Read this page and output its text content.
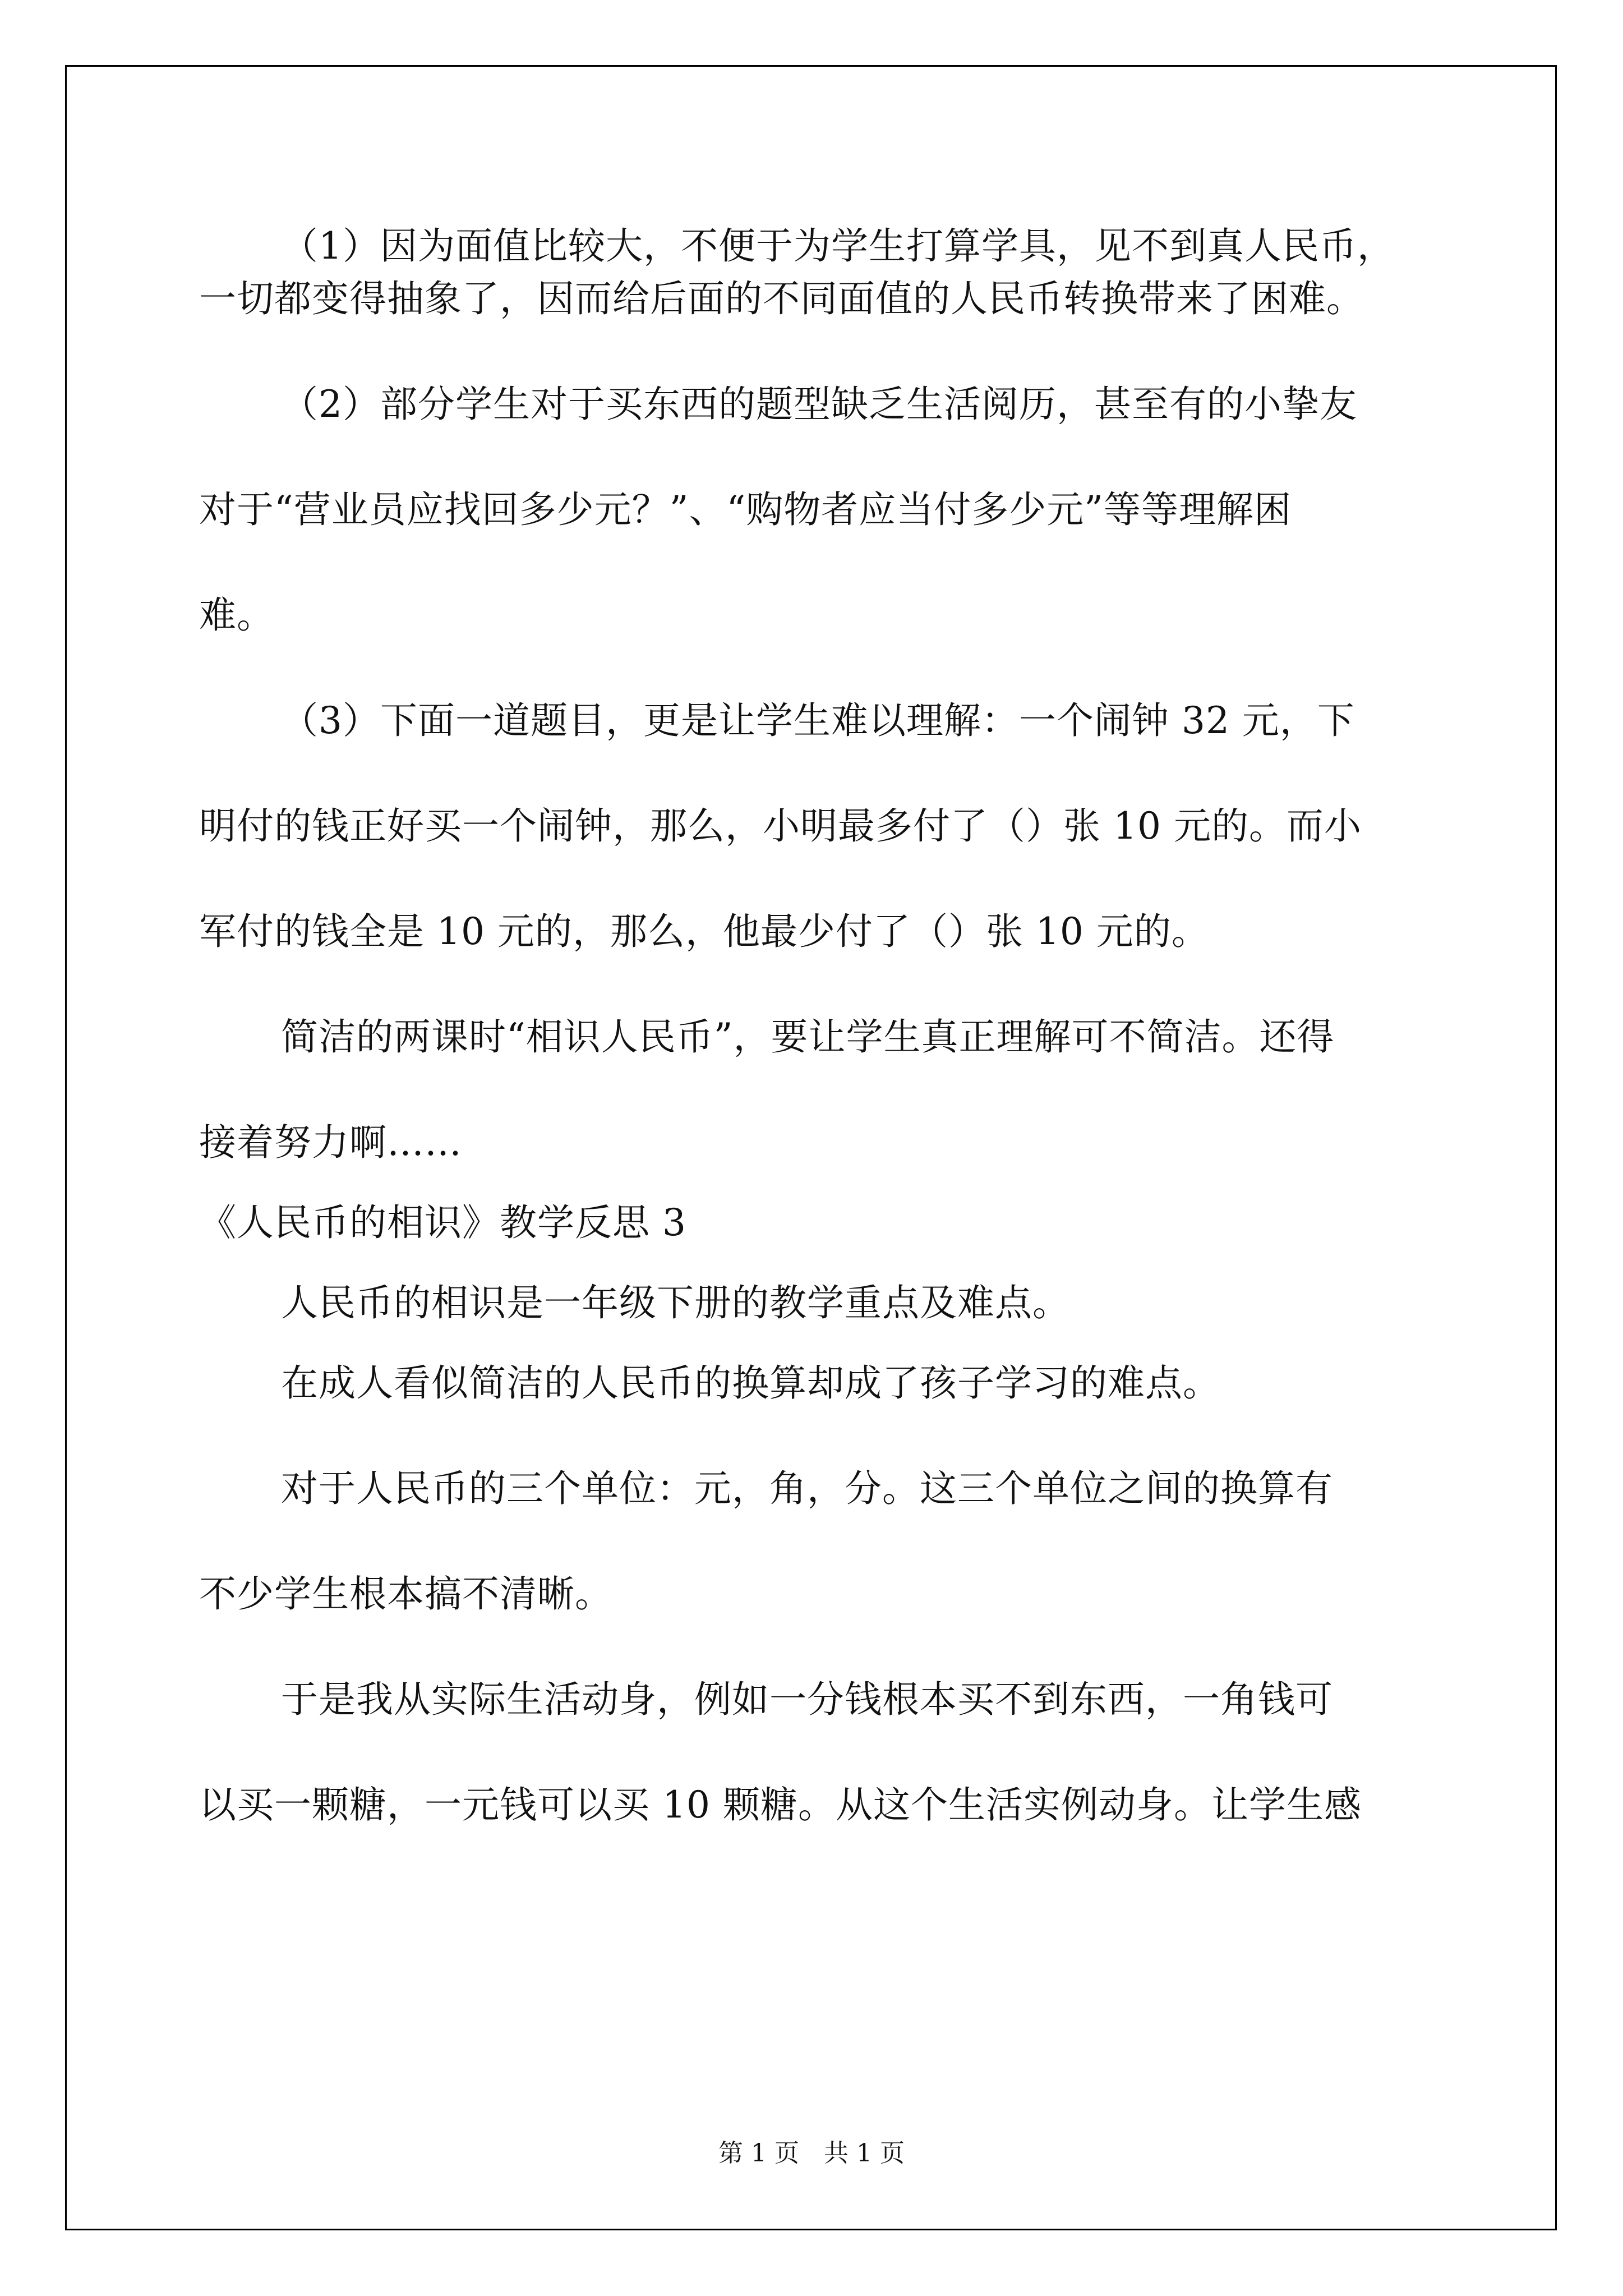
（1）因为面值比较大，不便于为学生打算学具，见不到真人民币，
一切都变得抽象了，因而给后面的不同面值的人民币转换带来了困难。
（2）部分学生对于买东西的题型缺乏生活阅历，甚至有的小挚友
对于“营业员应找回多少元？”、“购物者应当付多少元”等等理解困
难。
（3）下面一道题目，更是让学生难以理解：一个闹钟 32 元，下
明付的钱正好买一个闹钟，那么，小明最多付了（）张 10 元的。而小
军付的钱全是 10 元的，那么，他最少付了（）张 10 元的。
简洁的两课时“相识人民币”，要让学生真正理解可不简洁。还得
接着努力啊……
《人民币的相识》教学反思 3
人民币的相识是一年级下册的教学重点及难点。
在成人看似简洁的人民币的换算却成了孩子学习的难点。
对于人民币的三个单位：元，角，分。这三个单位之间的换算有
不少学生根本搞不清晰。
于是我从实际生活动身，例如一分钱根本买不到东西，一角钱可
以买一颗糖，一元钱可以买 10 颗糖。从这个生活实例动身。让学生感
第 1 页　共 1 页
